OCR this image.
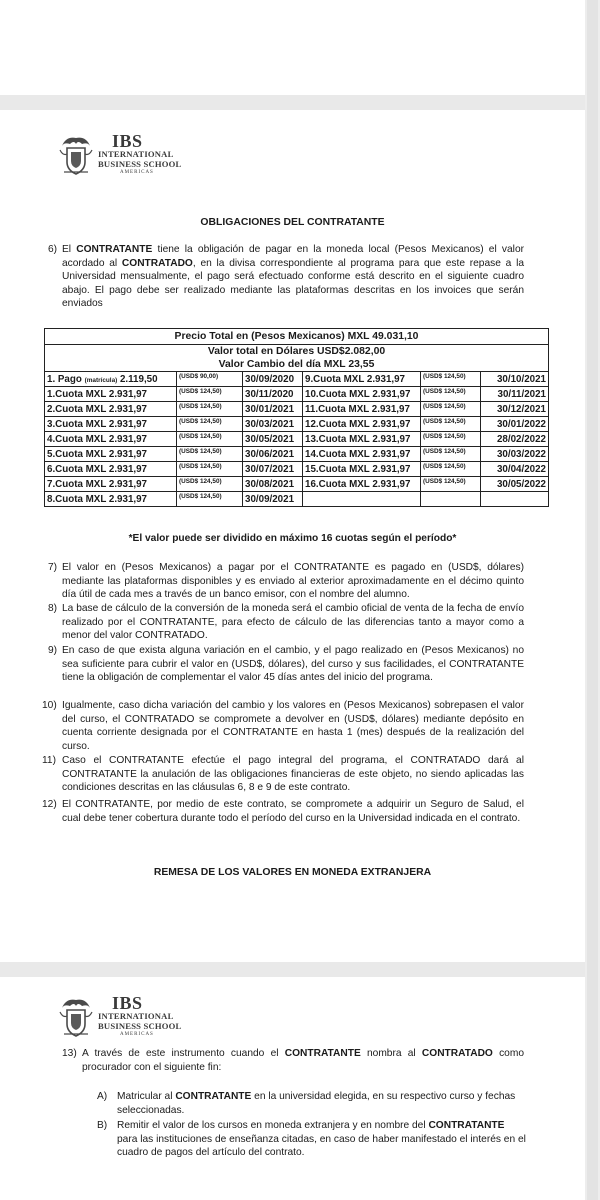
IBS
INTERNATIONAL
BUSINESS SCHOOL
AMERICAS
OBLIGACIONES DEL CONTRATANTE
6) El CONTRATANTE tiene la obligación de pagar en la moneda local (Pesos Mexicanos) el valor acordado al CONTRATADO, en la divisa correspondiente al programa para que este repase a la Universidad mensualmente, el pago será efectuado conforme está descrito en el siguiente cuadro abajo. El pago debe ser realizado mediante las plataformas descritas en los invoices que serán enviados
Precio Total en (Pesos Mexicanos) MXL 49.031,10					
Valor total en Dólares USD$2.082,00					
Valor Cambio del día MXL 23,55					
1. Pago (matrícula) 2.119,50	(USD$ 90,00)	30/09/2020	9.Cuota MXL 2.931,97	(USD$ 124,50)	30/10/2021
1.Cuota MXL 2.931,97	(USD$ 124,50)	30/11/2020	10.Cuota MXL 2.931,97	(USD$ 124,50)	30/11/2021
2.Cuota MXL 2.931,97	(USD$ 124,50)	30/01/2021	11.Cuota MXL 2.931,97	(USD$ 124,50)	30/12/2021
3.Cuota MXL 2.931,97	(USD$ 124,50)	30/03/2021	12.Cuota MXL 2.931,97	(USD$ 124,50)	30/01/2022
4.Cuota MXL 2.931,97	(USD$ 124,50)	30/05/2021	13.Cuota MXL 2.931,97	(USD$ 124,50)	28/02/2022
5.Cuota MXL 2.931,97	(USD$ 124,50)	30/06/2021	14.Cuota MXL 2.931,97	(USD$ 124,50)	30/03/2022
6.Cuota MXL 2.931,97	(USD$ 124,50)	30/07/2021	15.Cuota MXL 2.931,97	(USD$ 124,50)	30/04/2022
7.Cuota MXL 2.931,97	(USD$ 124,50)	30/08/2021	16.Cuota MXL 2.931,97	(USD$ 124,50)	30/05/2022
8.Cuota MXL 2.931,97	(USD$ 124,50)	30/09/2021			
*El valor puede ser dividido en máximo 16 cuotas según el período*
7) El valor en (Pesos Mexicanos) a pagar por el CONTRATANTE es pagado en (USD$, dólares) mediante las plataformas disponibles y es enviado al exterior aproximadamente en el décimo quinto día útil de cada mes a través de un banco emisor, con el nombre del alumno.
8) La base de cálculo de la conversión de la moneda será el cambio oficial de venta de la fecha de envío realizado por el CONTRATANTE, para efecto de cálculo de las diferencias tanto a mayor como a menor del valor CONTRATADO.
9) En caso de que exista alguna variación en el cambio, y el pago realizado en (Pesos Mexicanos) no sea suficiente para cubrir el valor en (USD$, dólares), del curso y sus facilidades, el CONTRATANTE tiene la obligación de complementar el valor 45 días antes del inicio del programa.
10) Igualmente, caso dicha variación del cambio y los valores en (Pesos Mexicanos) sobrepasen el valor del curso, el CONTRATADO se compromete a devolver en (USD$, dólares) mediante depósito en cuenta corriente designada por el CONTRATANTE en hasta 1 (mes) después de la realización del curso.
11) Caso el CONTRATANTE efectúe el pago integral del programa, el CONTRATADO dará al CONTRATANTE la anulación de las obligaciones financieras de este objeto, no siendo aplicadas las condiciones descritas en las cláusulas 6, 8 e 9 de este contrato.
12) El CONTRATANTE, por medio de este contrato, se compromete a adquirir un Seguro de Salud, el cual debe tener cobertura durante todo el período del curso en la Universidad indicada en el contrato.
REMESA DE LOS VALORES EN MONEDA EXTRANJERA
IBS
INTERNATIONAL
BUSINESS SCHOOL
AMERICAS
13) A través de este instrumento cuando el CONTRATANTE nombra al CONTRATADO como procurador con el siguiente fin:
A) Matricular al CONTRATANTE en la universidad elegida, en su respectivo curso y fechas seleccionadas.
B) Remitir el valor de los cursos en moneda extranjera y en nombre del CONTRATANTE para las instituciones de enseñanza citadas, en caso de haber manifestado el interés en el cuadro de pagos del artículo del contrato.
